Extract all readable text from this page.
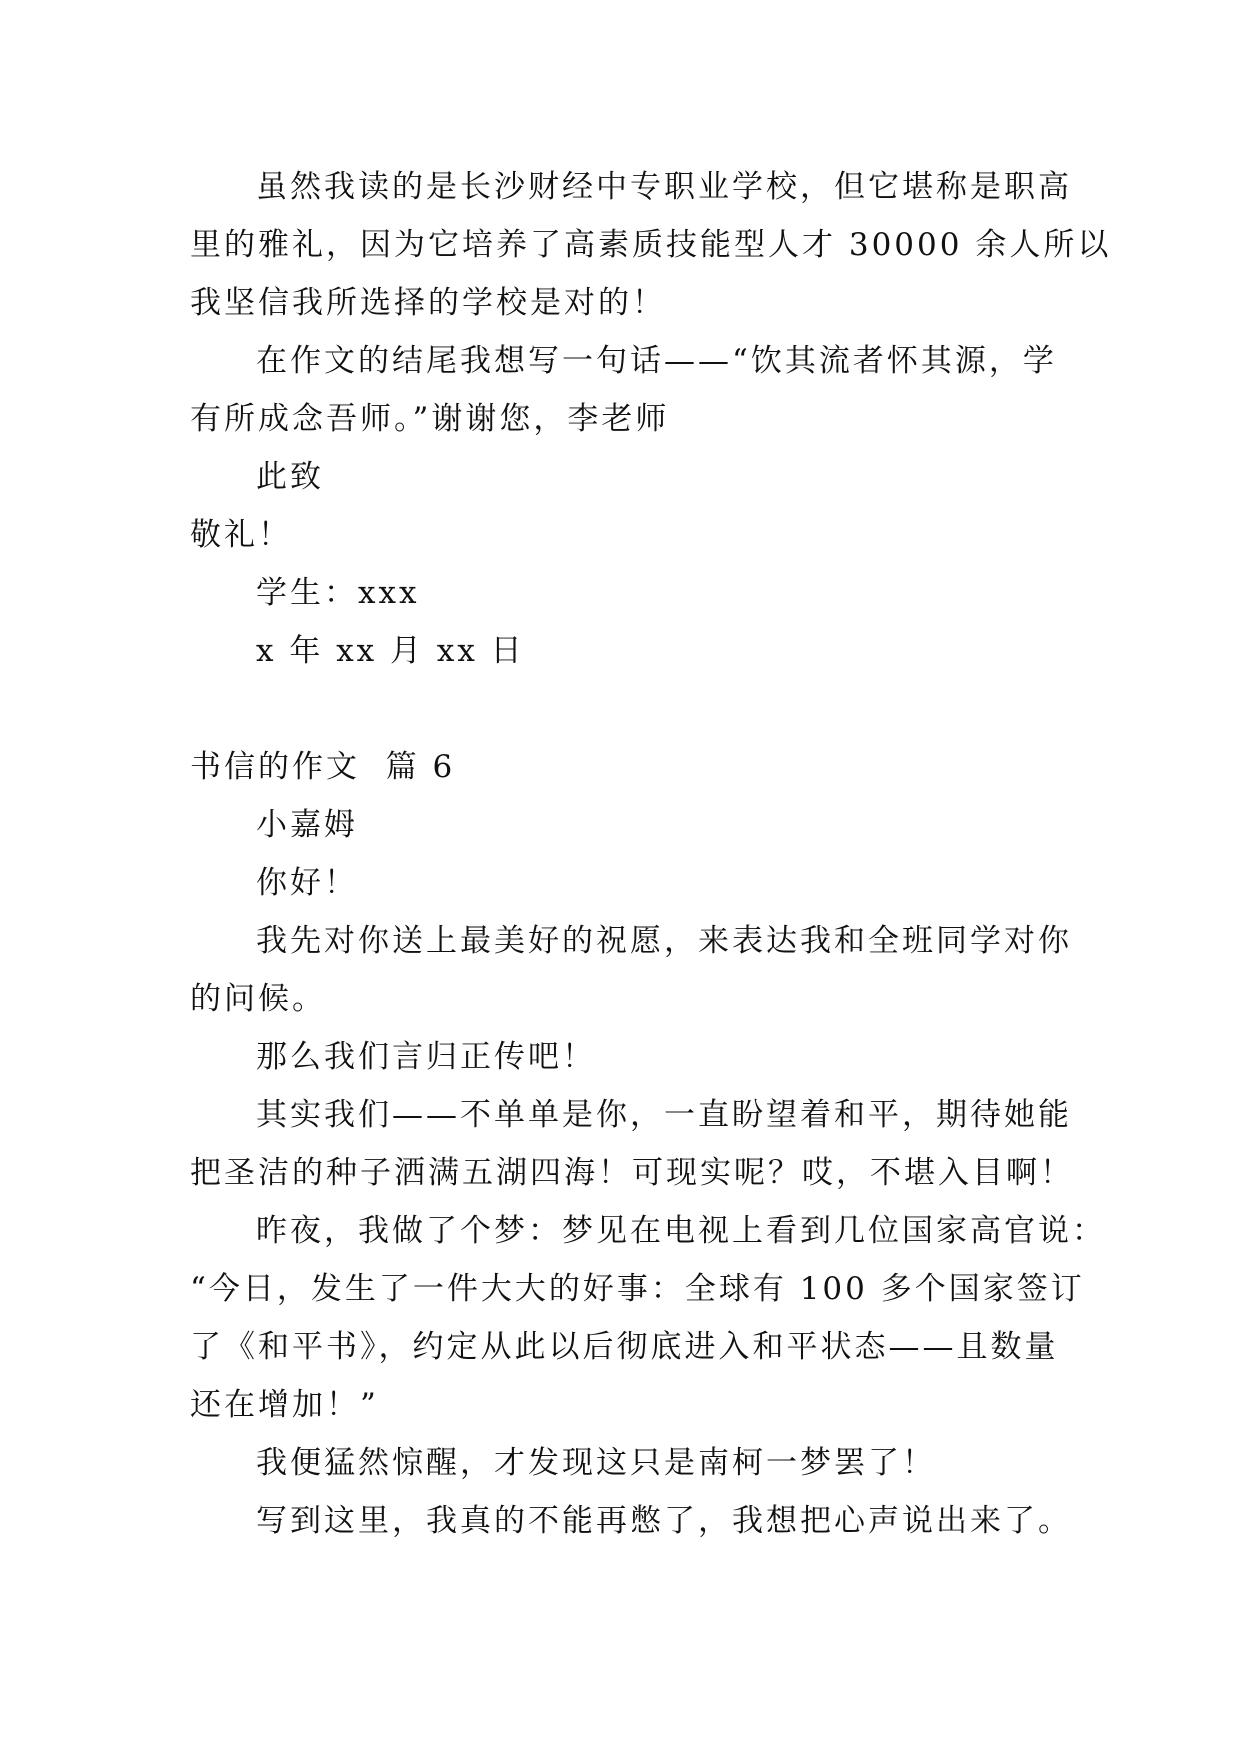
虽然我读的是长沙财经中专职业学校，但它堪称是职高
里的雅礼，因为它培养了高素质技能型人才 30000 余人所以
我坚信我所选择的学校是对的！
在作文的结尾我想写一句话——“饮其流者怀其源，学
有所成念吾师。”谢谢您，李老师
此致
敬礼！
学生：xxx
x 年 xx 月 xx 日
书信的作文  篇 6
小嘉姆
你好！
我先对你送上最美好的祝愿，来表达我和全班同学对你
的问候。
那么我们言归正传吧！
其实我们——不单单是你，一直盼望着和平，期待她能
把圣洁的种子洒满五湖四海！可现实呢？哎，不堪入目啊！
昨夜，我做了个梦：梦见在电视上看到几位国家高官说：
“今日，发生了一件大大的好事：全球有 100 多个国家签订
了《和平书》，约定从此以后彻底进入和平状态——且数量
还在增加！”
我便猛然惊醒，才发现这只是南柯一梦罢了！
写到这里，我真的不能再憋了，我想把心声说出来了。
